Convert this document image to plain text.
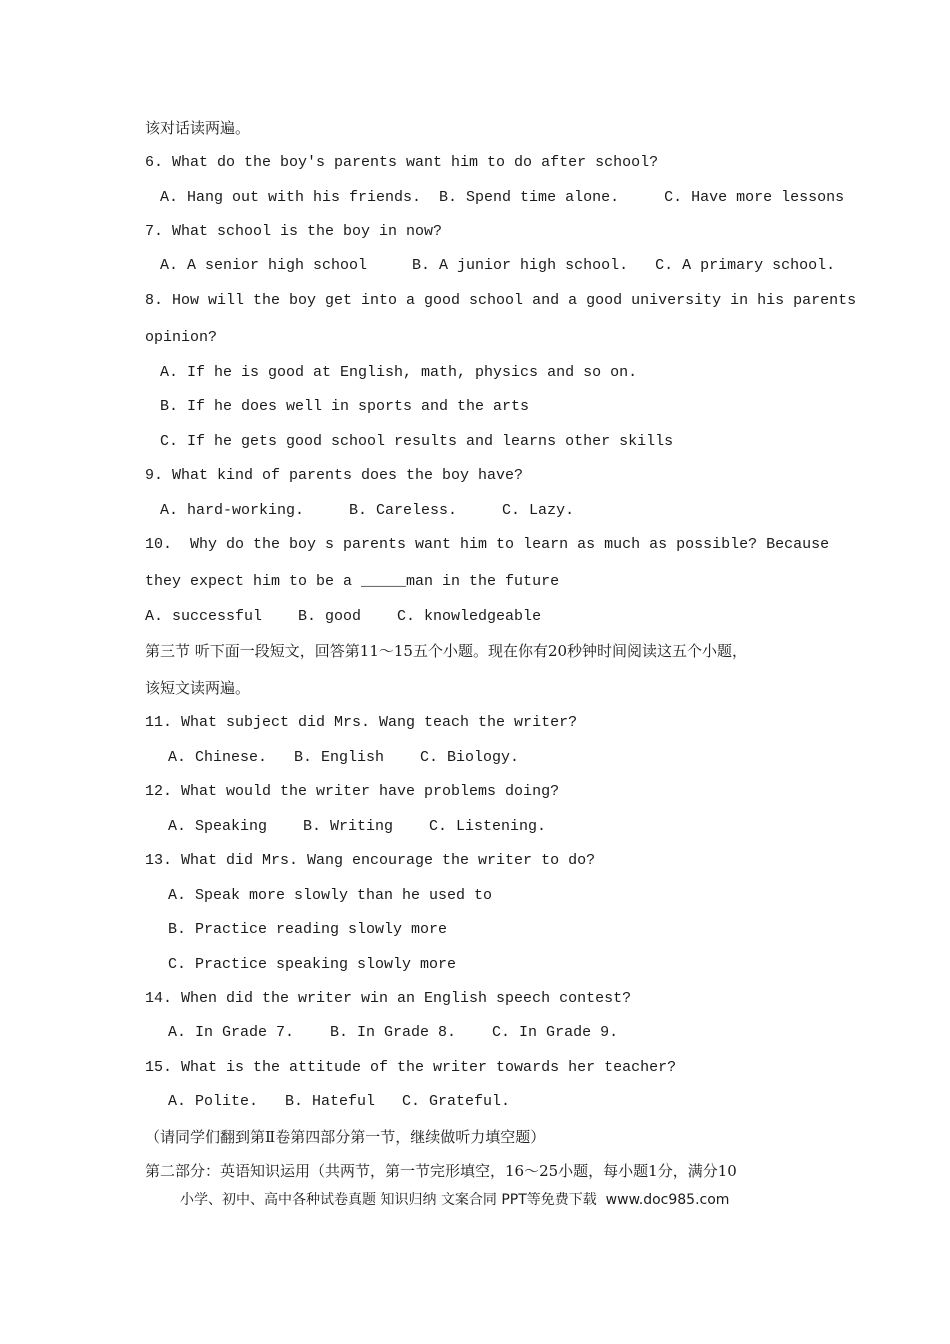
该对话读两遍。

6. What do the boy's parents want him to do after school?

A. Hang out with his friends.  B. Spend time alone.     C. Have more lessons

7. What school is the boy in now?

A. A senior high school     B. A junior high school.   C. A primary school.

8. How will the boy get into a good school and a good university in his parents

opinion?

A. If he is good at English, math, physics and so on.

B. If he does well in sports and the arts

C. If he gets good school results and learns other skills

9. What kind of parents does the boy have?

A. hard-working.     B. Careless.     C. Lazy.

10.  Why do the boy s parents want him to learn as much as possible? Because

they expect him to be a _____man in the future

A. successful    B. good    C. knowledgeable

第三节 听下面一段短文，回答第11～15五个小题。现在你有20秒钟时间阅读这五个小题，

该短文读两遍。

11. What subject did Mrs. Wang teach the writer?

A. Chinese.   B. English    C. Biology.

12. What would the writer have problems doing?

A. Speaking    B. Writing    C. Listening.

13. What did Mrs. Wang encourage the writer to do?

A. Speak more slowly than he used to

B. Practice reading slowly more

C. Practice speaking slowly more

14. When did the writer win an English speech contest?

A. In Grade 7.    B. In Grade 8.    C. In Grade 9.

15. What is the attitude of the writer towards her teacher?

A. Polite.   B. Hateful   C. Grateful.

（请同学们翻到第Ⅱ卷第四部分第一节，继续做听力填空题）

第二部分：英语知识运用（共两节，第一节完形填空，16～25小题，每小题1分，满分10

小学、初中、高中各种试卷真题 知识归纳 文案合同 PPT等免费下载  www.doc985.com
